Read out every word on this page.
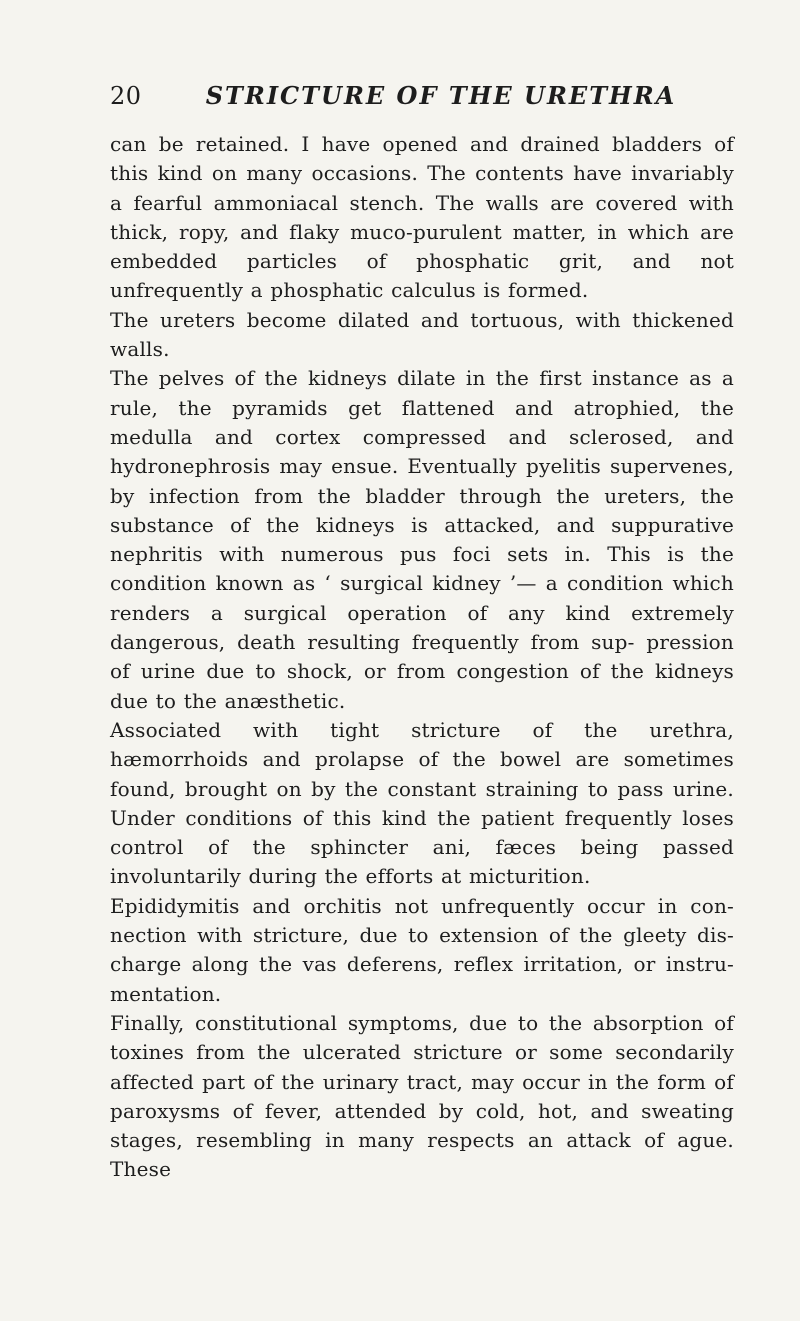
20	STRICTURE OF THE URETHRA

can be retained. I have opened and drained bladders of this kind on many occasions. The contents have invariably a fearful ammoniacal stench. The walls are covered with thick, ropy, and flaky muco-purulent matter, in which are embedded particles of phosphatic grit, and not unfrequently a phosphatic calculus is formed.

The ureters become dilated and tortuous, with thickened walls.

The pelves of the kidneys dilate in the first instance as a rule, the pyramids get flattened and atrophied, the medulla and cortex compressed and sclerosed, and hydronephrosis may ensue. Eventually pyelitis supervenes, by infection from the bladder through the ureters, the substance of the kidneys is attacked, and suppurative nephritis with numerous pus foci sets in. This is the condition known as ‘ surgical kidney ’— a condition which renders a surgical operation of any kind extremely dangerous, death resulting frequently from sup- pression of urine due to shock, or from congestion of the kidneys due to the anæsthetic.

Associated with tight stricture of the urethra, hæmorrhoids and prolapse of the bowel are sometimes found, brought on by the constant straining to pass urine. Under conditions of this kind the patient frequently loses control of the sphincter ani, fæces being passed involuntarily during the efforts at micturition.

Epididymitis and orchitis not unfrequently occur in con- nection with stricture, due to extension of the gleety dis- charge along the vas deferens, reflex irritation, or instru- mentation.

Finally, constitutional symptoms, due to the absorption of toxines from the ulcerated stricture or some secondarily affected part of the urinary tract, may occur in the form of paroxysms of fever, attended by cold, hot, and sweating stages, resembling in many respects an attack of ague. These
